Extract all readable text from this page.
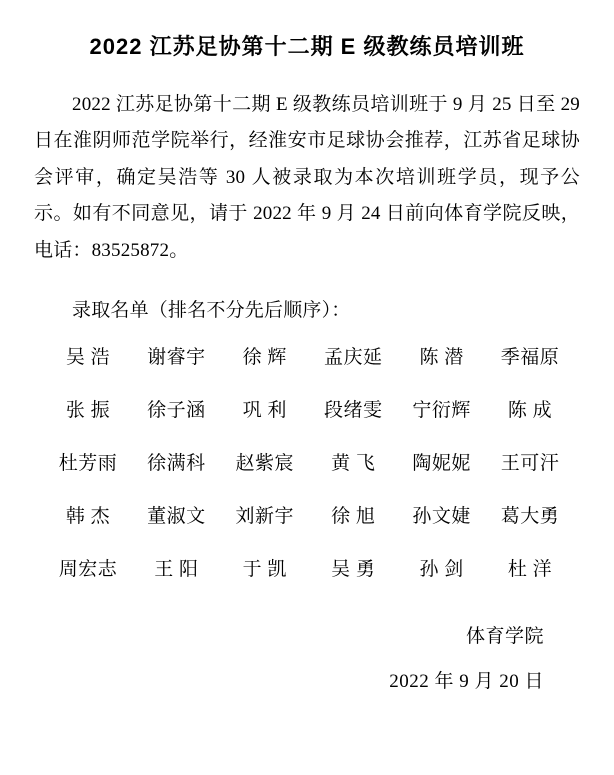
2022 江苏足协第十二期 E 级教练员培训班
2022 江苏足协第十二期 E 级教练员培训班于 9 月 25 日至 29 日在淮阴师范学院举行，经淮安市足球协会推荐，江苏省足球协会评审，确定吴浩等 30 人被录取为本次培训班学员，现予公示。如有不同意见，请于 2022 年 9 月 24 日前向体育学院反映，电话：83525872。
录取名单（排名不分先后顺序）：
吴 浩	谢睿宇	徐 辉	孟庆延	陈 潜	季福原
张 振	徐子涵	巩 利	段绪雯	宁衍辉	陈 成
杜芳雨	徐满科	赵紫宸	黄 飞	陶妮妮	王可汗
韩 杰	董淑文	刘新宇	徐 旭	孙文婕	葛大勇
周宏志	王 阳	于 凯	吴 勇	孙 剑	杜 洋
体育学院
2022 年 9 月 20 日
